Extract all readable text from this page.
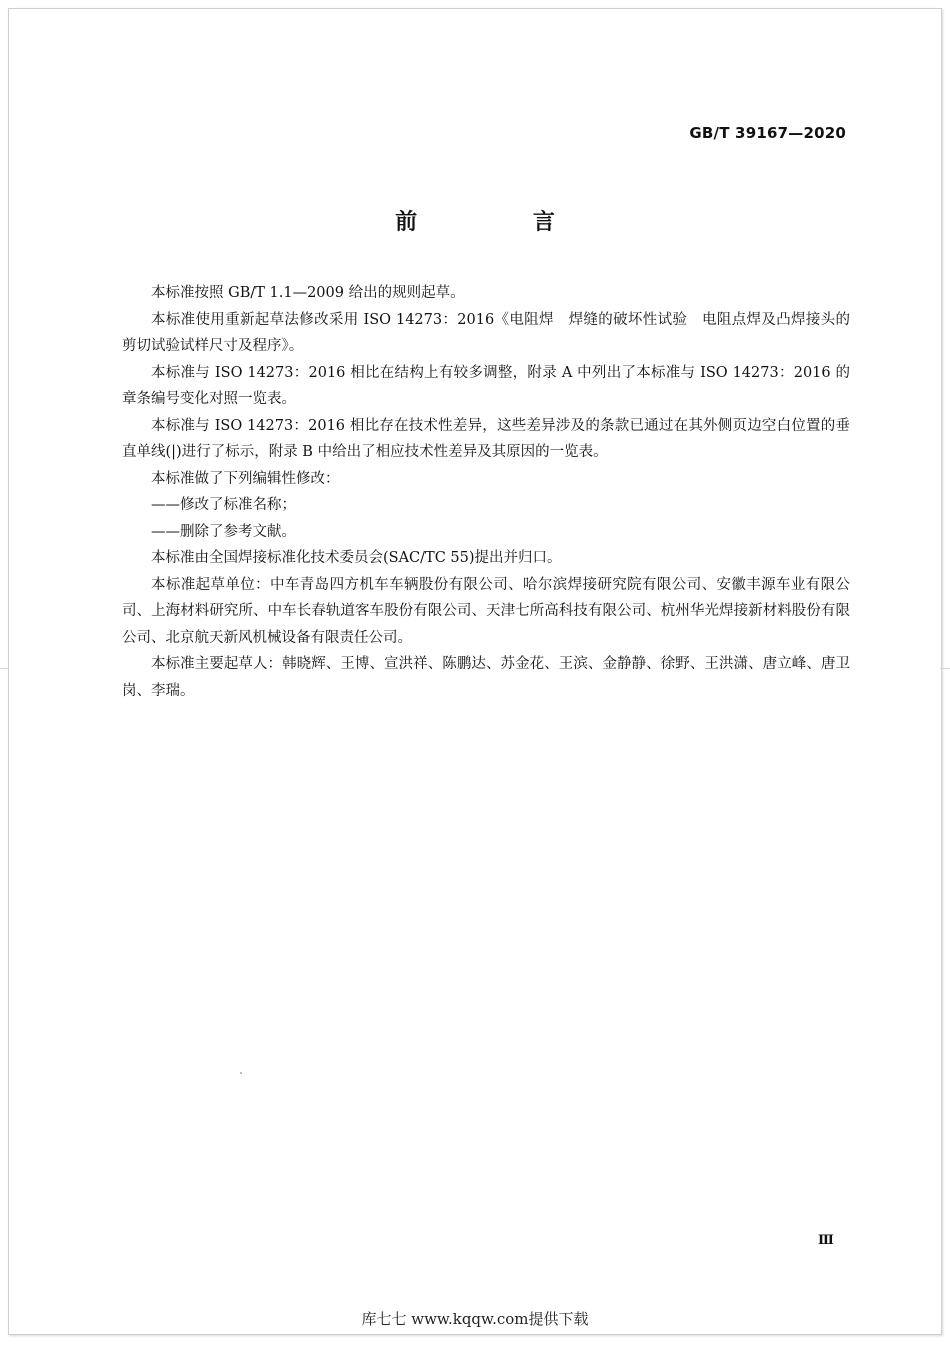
GB/T 39167—2020
前 言

本标准按照 GB/T 1.1—2009 给出的规则起草。

本标准使用重新起草法修改采用 ISO 14273：2016《电阻焊　焊缝的破坏性试验　电阻点焊及凸焊接头的剪切试验试样尺寸及程序》。

本标准与 ISO 14273：2016 相比在结构上有较多调整，附录 A 中列出了本标准与 ISO 14273：2016 的章条编号变化对照一览表。

本标准与 ISO 14273：2016 相比存在技术性差异，这些差异涉及的条款已通过在其外侧页边空白位置的垂直单线(|)进行了标示，附录 B 中给出了相应技术性差异及其原因的一览表。

本标准做了下列编辑性修改：

——修改了标准名称；

——删除了参考文献。

本标准由全国焊接标准化技术委员会(SAC/TC 55)提出并归口。

本标准起草单位：中车青岛四方机车车辆股份有限公司、哈尔滨焊接研究院有限公司、安徽丰源车业有限公司、上海材料研究所、中车长春轨道客车股份有限公司、天津七所高科技有限公司、杭州华光焊接新材料股份有限公司、北京航天新风机械设备有限责任公司。

本标准主要起草人：韩晓辉、王博、宣洪祥、陈鹏达、苏金花、王滨、金静静、徐野、王洪潇、唐立峰、唐卫岗、李瑞。

Ⅲ
库七七 www.kqqw.com提供下载
